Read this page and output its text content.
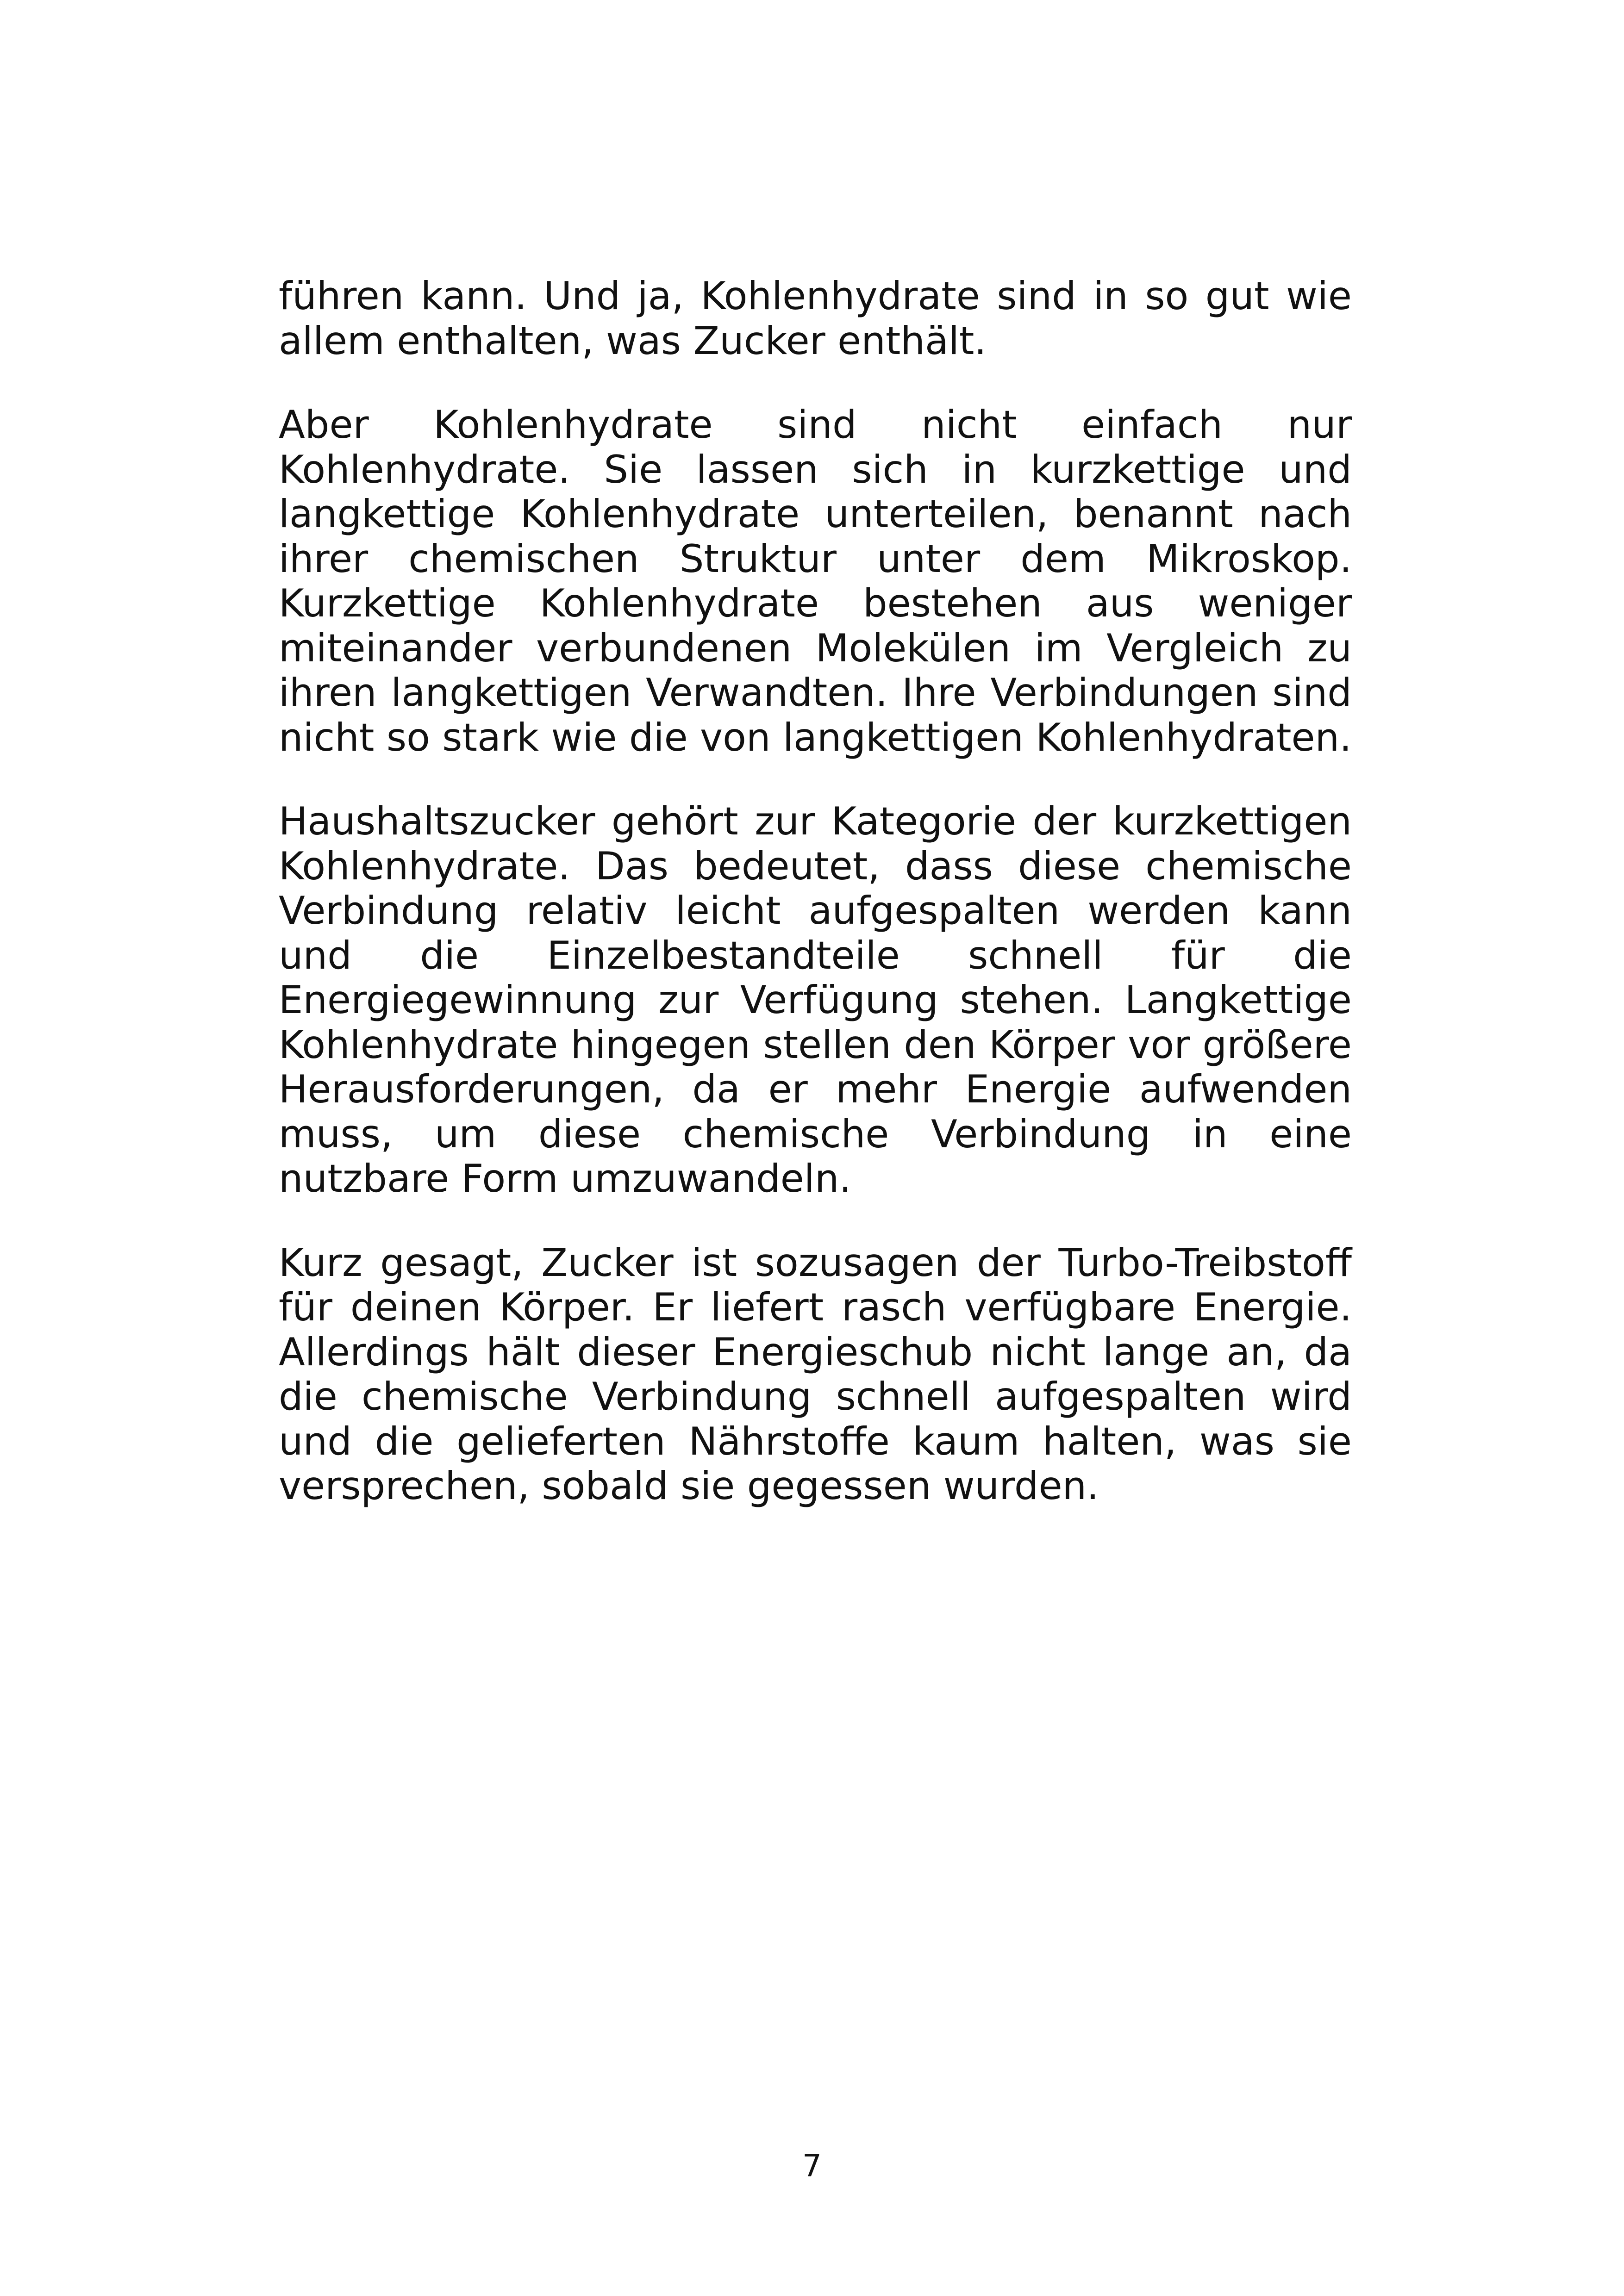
führen kann. Und ja, Kohlenhydrate sind in so gut wie allem enthalten, was Zucker enthält.

Aber Kohlenhydrate sind nicht einfach nur Kohlenhydrate. Sie lassen sich in kurzkettige und langkettige Kohlenhydrate unterteilen, benannt nach ihrer chemischen Struktur unter dem Mikroskop. Kurzkettige Kohlenhydrate bestehen aus weniger miteinander verbundenen Molekülen im Vergleich zu ihren langkettigen Verwandten. Ihre Verbindungen sind nicht so stark wie die von langkettigen Kohlenhydraten.

Haushaltszucker gehört zur Kategorie der kurzkettigen Kohlenhydrate. Das bedeutet, dass diese chemische Verbindung relativ leicht aufgespalten werden kann und die Einzelbestandteile schnell für die Energiegewinnung zur Verfügung stehen. Langkettige Kohlenhydrate hingegen stellen den Körper vor größere Herausforderungen, da er mehr Energie aufwenden muss, um diese chemische Verbindung in eine nutzbare Form umzuwandeln.

Kurz gesagt, Zucker ist sozusagen der Turbo-Treibstoff für deinen Körper. Er liefert rasch verfügbare Energie. Allerdings hält dieser Energieschub nicht lange an, da die chemische Verbindung schnell aufgespalten wird und die gelieferten Nährstoffe kaum halten, was sie versprechen, sobald sie gegessen wurden.

7
